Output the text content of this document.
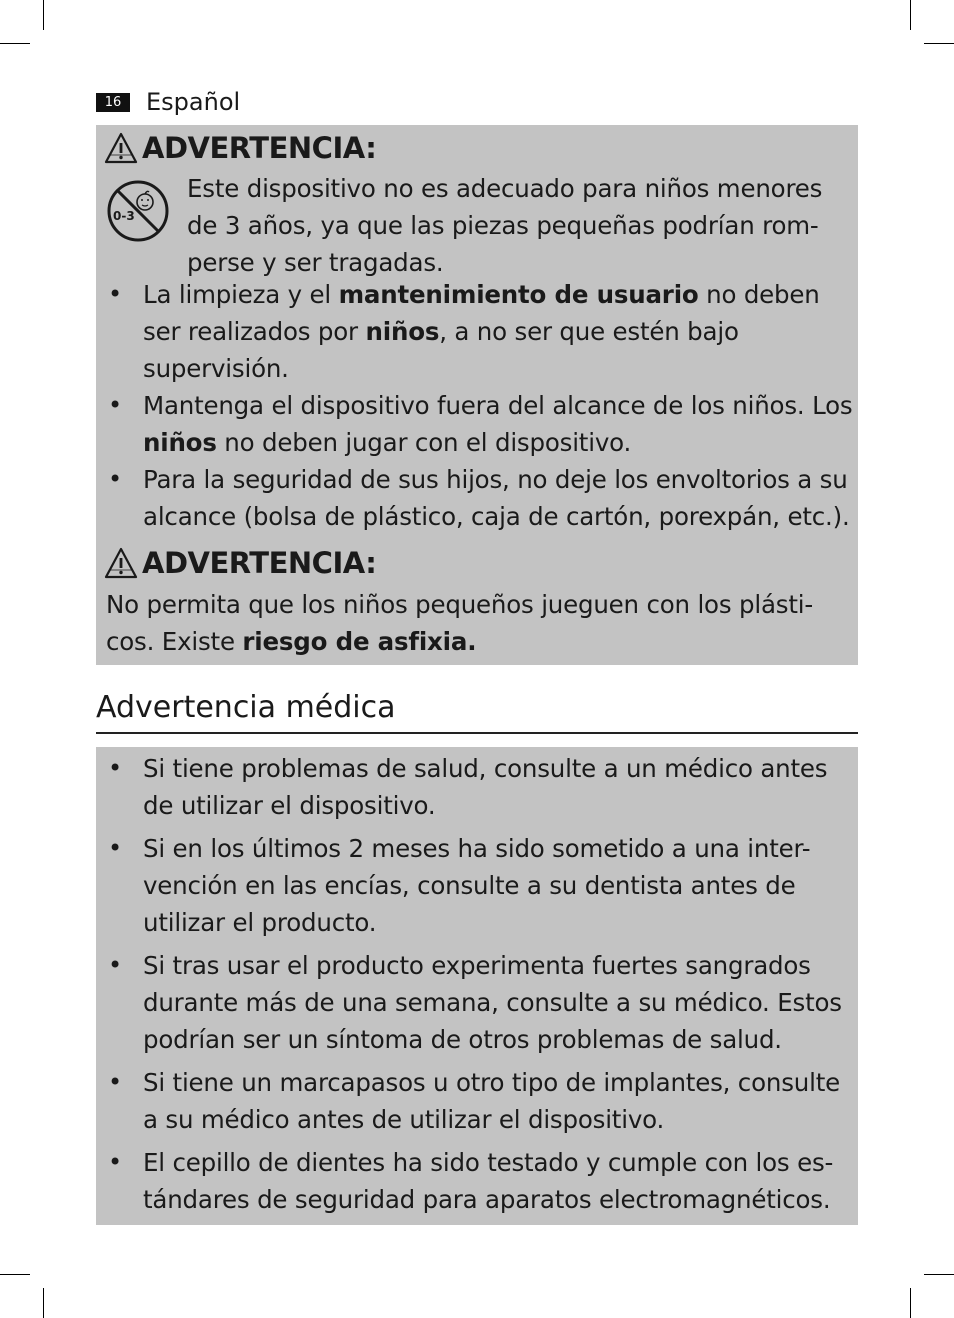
16	Español
ADVERTENCIA:
0-3
Este dispositivo no es adecuado para niños menores de 3 años, ya que las piezas pequeñas podrían rom-perse y ser tragadas.
• La limpieza y el mantenimiento de usuario no deben ser realizados por niños, a no ser que estén bajo supervisión.
• Mantenga el dispositivo fuera del alcance de los niños. Los niños no deben jugar con el dispositivo.
• Para la seguridad de sus hijos, no deje los envoltorios a su alcance (bolsa de plástico, caja de cartón, porexpán, etc.).
ADVERTENCIA:
No permita que los niños pequeños jueguen con los plásti-cos. Existe riesgo de asfixia.
Advertencia médica
• Si tiene problemas de salud, consulte a un médico antes de utilizar el dispositivo.
• Si en los últimos 2 meses ha sido sometido a una inter-vención en las encías, consulte a su dentista antes de utilizar el producto.
• Si tras usar el producto experimenta fuertes sangrados durante más de una semana, consulte a su médico. Estos podrían ser un síntoma de otros problemas de salud.
• Si tiene un marcapasos u otro tipo de implantes, consulte a su médico antes de utilizar el dispositivo.
• El cepillo de dientes ha sido testado y cumple con los es-tándares de seguridad para aparatos electromagnéticos.
